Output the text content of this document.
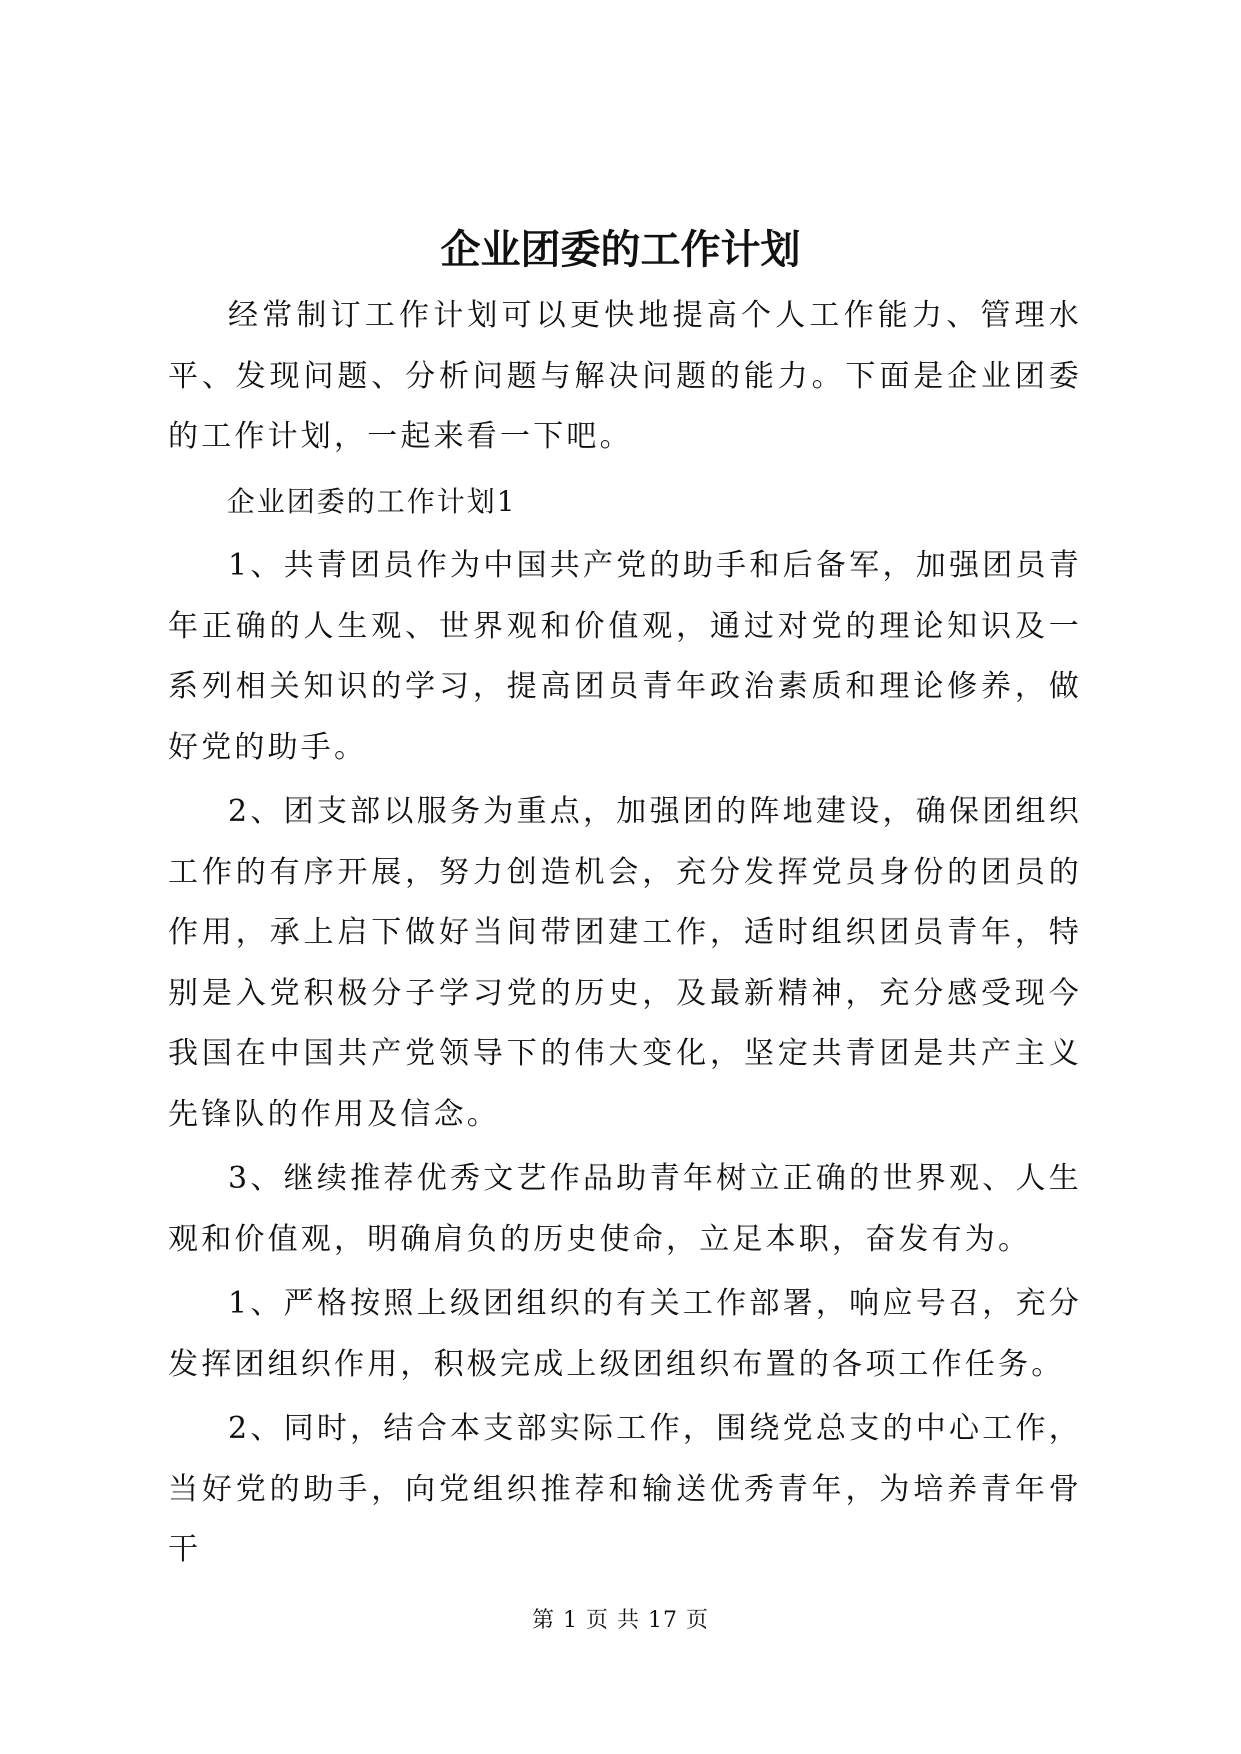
企业团委的工作计划

经常制订工作计划可以更快地提高个人工作能力、管理水平、发现问题、分析问题与解决问题的能力。下面是企业团委的工作计划，一起来看一下吧。

企业团委的工作计划1

1、共青团员作为中国共产党的助手和后备军，加强团员青年正确的人生观、世界观和价值观，通过对党的理论知识及一系列相关知识的学习，提高团员青年政治素质和理论修养，做好党的助手。

2、团支部以服务为重点，加强团的阵地建设，确保团组织工作的有序开展，努力创造机会，充分发挥党员身份的团员的作用，承上启下做好当间带团建工作，适时组织团员青年，特别是入党积极分子学习党的历史，及最新精神，充分感受现今我国在中国共产党领导下的伟大变化，坚定共青团是共产主义先锋队的作用及信念。

3、继续推荐优秀文艺作品助青年树立正确的世界观、人生观和价值观，明确肩负的历史使命，立足本职，奋发有为。

1、严格按照上级团组织的有关工作部署，响应号召，充分发挥团组织作用，积极完成上级团组织布置的各项工作任务。

2、同时，结合本支部实际工作，围绕党总支的中心工作，当好党的助手，向党组织推荐和输送优秀青年，为培养青年骨干

第 1 页 共 17 页
